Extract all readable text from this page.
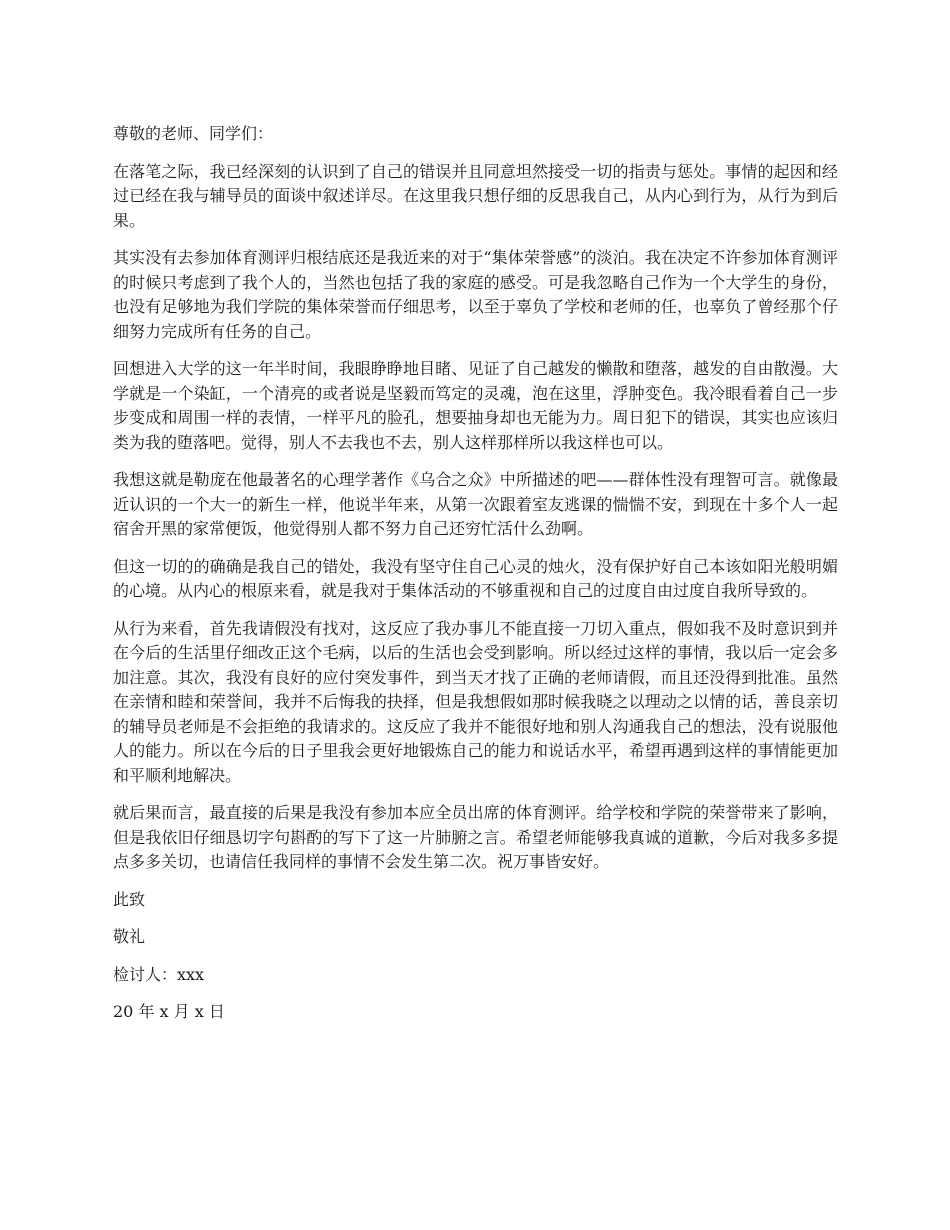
尊敬的老师、同学们：

在落笔之际，我已经深刻的认识到了自己的错误并且同意坦然接受一切的指责与惩处。事情的起因和经过已经在我与辅导员的面谈中叙述详尽。在这里我只想仔细的反思我自己，从内心到行为，从行为到后果。

其实没有去参加体育测评归根结底还是我近来的对于“集体荣誉感”的淡泊。我在决定不许参加体育测评的时候只考虑到了我个人的，当然也包括了我的家庭的感受。可是我忽略自己作为一个大学生的身份，也没有足够地为我们学院的集体荣誉而仔细思考，以至于辜负了学校和老师的任，也辜负了曾经那个仔细努力完成所有任务的自己。

回想进入大学的这一年半时间，我眼睁睁地目睹、见证了自己越发的懒散和堕落，越发的自由散漫。大学就是一个染缸，一个清亮的或者说是坚毅而笃定的灵魂，泡在这里，浮肿变色。我冷眼看着自己一步步变成和周围一样的表情，一样平凡的脸孔，想要抽身却也无能为力。周日犯下的错误，其实也应该归类为我的堕落吧。觉得，别人不去我也不去，别人这样那样所以我这样也可以。

我想这就是勒庞在他最著名的心理学著作《乌合之众》中所描述的吧——群体性没有理智可言。就像最近认识的一个大一的新生一样，他说半年来，从第一次跟着室友逃课的惴惴不安，到现在十多个人一起宿舍开黑的家常便饭，他觉得别人都不努力自己还穷忙活什么劲啊。

但这一切的的确确是我自己的错处，我没有坚守住自己心灵的烛火，没有保护好自己本该如阳光般明媚的心境。从内心的根原来看，就是我对于集体活动的不够重视和自己的过度自由过度自我所导致的。

从行为来看，首先我请假没有找对，这反应了我办事儿不能直接一刀切入重点，假如我不及时意识到并在今后的生活里仔细改正这个毛病，以后的生活也会受到影响。所以经过这样的事情，我以后一定会多加注意。其次，我没有良好的应付突发事件，到当天才找了正确的老师请假，而且还没得到批准。虽然在亲情和睦和荣誉间，我并不后悔我的抉择，但是我想假如那时候我晓之以理动之以情的话，善良亲切的辅导员老师是不会拒绝的我请求的。这反应了我并不能很好地和别人沟通我自己的想法，没有说服他人的能力。所以在今后的日子里我会更好地锻炼自己的能力和说话水平，希望再遇到这样的事情能更加和平顺利地解决。

就后果而言，最直接的后果是我没有参加本应全员出席的体育测评。给学校和学院的荣誉带来了影响，但是我依旧仔细恳切字句斟酌的写下了这一片肺腑之言。希望老师能够我真诚的道歉，今后对我多多提点多多关切，也请信任我同样的事情不会发生第二次。祝万事皆安好。

此致

敬礼

检讨人：xxx

20 年 x 月 x 日
